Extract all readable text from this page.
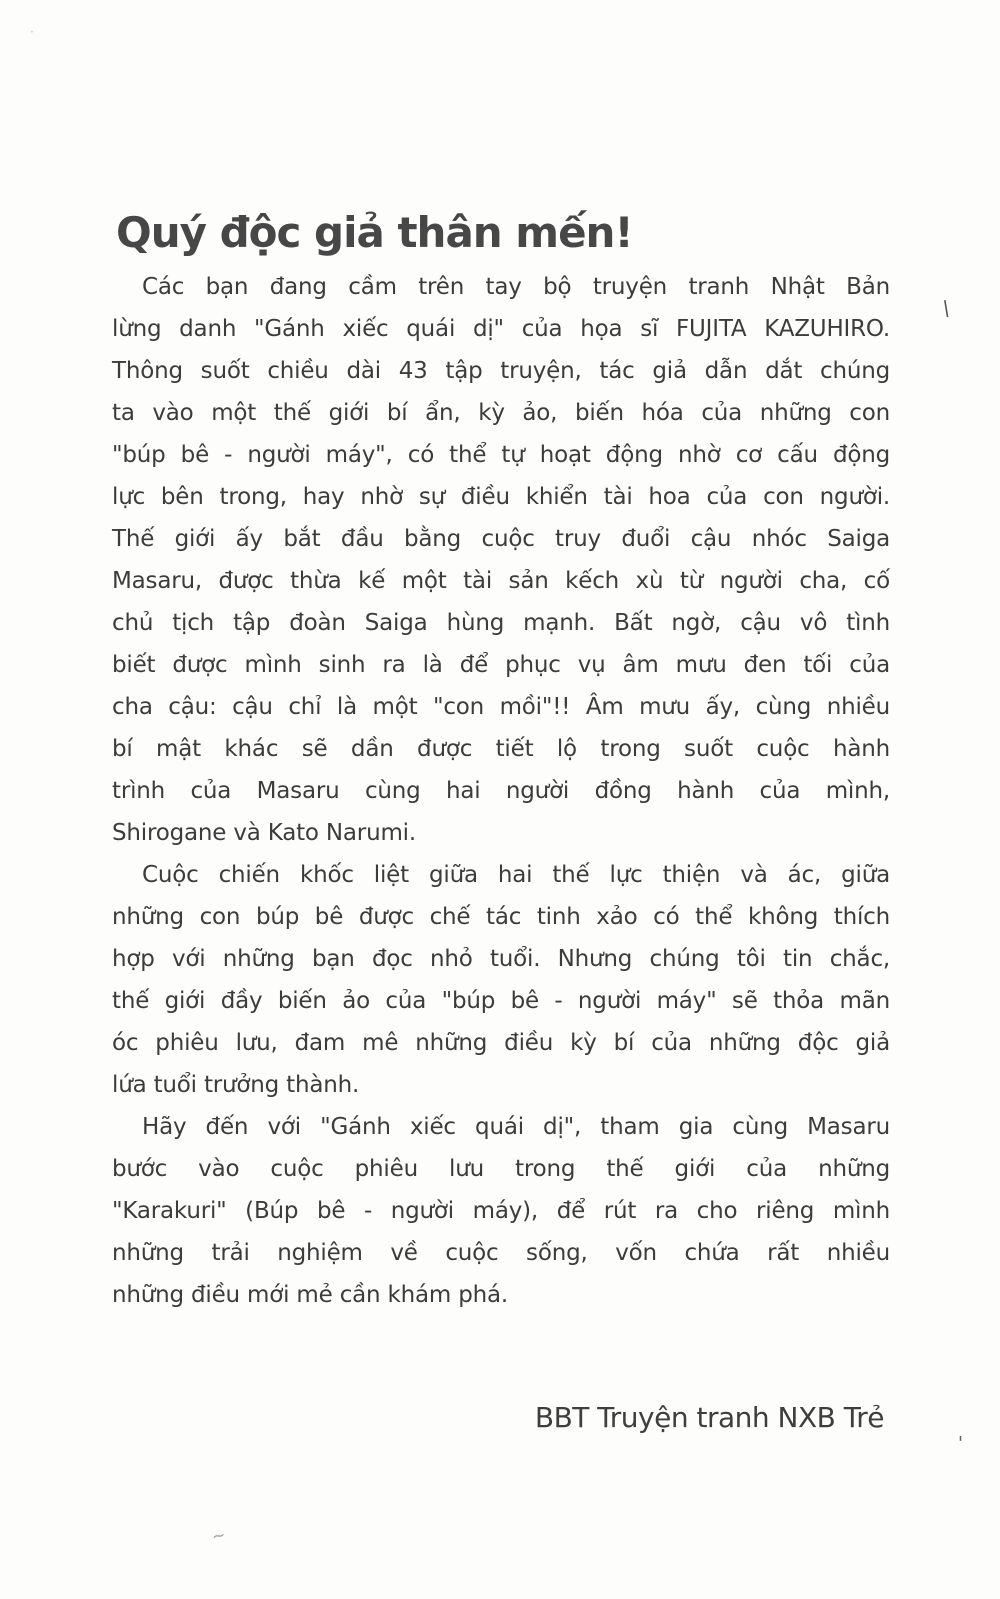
Quý độc giả thân mến!
Các bạn đang cầm trên tay bộ truyện tranh Nhật Bản
lừng danh "Gánh xiếc quái dị" của họa sĩ FUJITA KAZUHIRO.
Thông suốt chiều dài 43 tập truyện, tác giả dẫn dắt chúng
ta vào một thế giới bí ẩn, kỳ ảo, biến hóa của những con
"búp bê - người máy", có thể tự hoạt động nhờ cơ cấu động
lực bên trong, hay nhờ sự điều khiển tài hoa của con người.
Thế giới ấy bắt đầu bằng cuộc truy đuổi cậu nhóc Saiga
Masaru, được thừa kế một tài sản kếch xù từ người cha, cố
chủ tịch tập đoàn Saiga hùng mạnh. Bất ngờ, cậu vô tình
biết được mình sinh ra là để phục vụ âm mưu đen tối của
cha cậu: cậu chỉ là một "con mồi"!! Âm mưu ấy, cùng nhiều
bí mật khác sẽ dần được tiết lộ trong suốt cuộc hành
trình của Masaru cùng hai người đồng hành của mình,
Shirogane và Kato Narumi.
Cuộc chiến khốc liệt giữa hai thế lực thiện và ác, giữa
những con búp bê được chế tác tinh xảo có thể không thích
hợp với những bạn đọc nhỏ tuổi. Nhưng chúng tôi tin chắc,
thế giới đầy biến ảo của "búp bê - người máy" sẽ thỏa mãn
óc phiêu lưu, đam mê những điều kỳ bí của những độc giả
lứa tuổi trưởng thành.
Hãy đến với "Gánh xiếc quái dị", tham gia cùng Masaru
bước vào cuộc phiêu lưu trong thế giới của những
"Karakuri" (Búp bê - người máy), để rút ra cho riêng mình
những trải nghiệm về cuộc sống, vốn chứa rất nhiều
những điều mới mẻ cần khám phá.
BBT Truyện tranh NXB Trẻ
·
\
'
~
